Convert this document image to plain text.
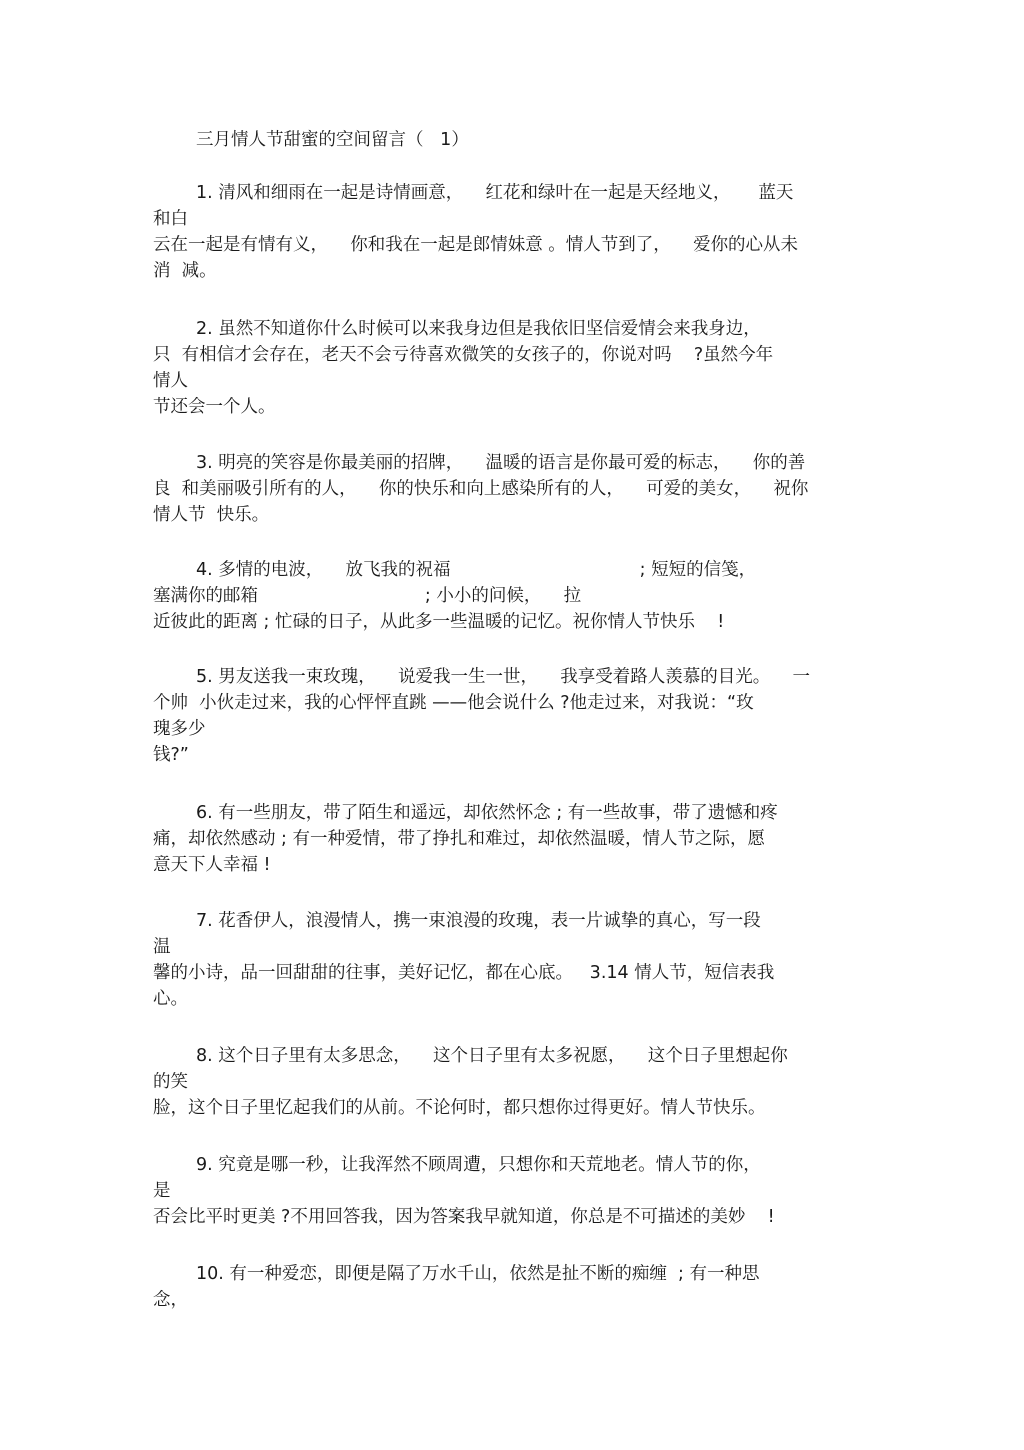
三月情人节甜蜜的空间留言（   1）
1. 清风和细雨在一起是诗情画意，    红花和绿叶在一起是天经地义，     蓝天
和白
云在一起是有情有义，    你和我在一起是郎情妹意 。情人节到了，    爱你的心从未
消  减。
2. 虽然不知道你什么时候可以来我身边但是我依旧坚信爱情会来我身边，
只  有相信才会存在，老天不会亏待喜欢微笑的女孩子的，你说对吗    ?虽然今年
情人
节还会一个人。
3. 明亮的笑容是你最美丽的招牌，    温暖的语言是你最可爱的标志，    你的善
良  和美丽吸引所有的人，    你的快乐和向上感染所有的人，    可爱的美女，    祝你
情人节  快乐。
4. 多情的电波，    放飞我的祝福                                  ; 短短的信笺，
塞满你的邮箱                              ; 小小的问候，    拉
近彼此的距离 ; 忙碌的日子，从此多一些温暖的记忆。祝你情人节快乐    !
5. 男友送我一束玫瑰，    说爱我一生一世，    我享受着路人羡慕的目光。    一
个帅  小伙走过来，我的心怦怦直跳 ——他会说什么 ?他走过来，对我说：“玫
瑰多少
钱?”
6. 有一些朋友，带了陌生和遥远，却依然怀念 ; 有一些故事，带了遗憾和疼
痛，却依然感动 ; 有一种爱情，带了挣扎和难过，却依然温暖，情人节之际，愿
意天下人幸福 !
7. 花香伊人，浪漫情人，携一束浪漫的玫瑰，表一片诚挚的真心，写一段
温
馨的小诗，品一回甜甜的往事，美好记忆，都在心底。   3.14 情人节，短信表我
心。
8. 这个日子里有太多思念，    这个日子里有太多祝愿，    这个日子里想起你
的笑
脸，这个日子里忆起我们的从前。不论何时，都只想你过得更好。情人节快乐。
9. 究竟是哪一秒，让我浑然不顾周遭，只想你和天荒地老。情人节的你，
是
否会比平时更美 ?不用回答我，因为答案我早就知道，你总是不可描述的美妙    !
10. 有一种爱恋，即便是隔了万水千山，依然是扯不断的痴缠  ; 有一种思
念，
